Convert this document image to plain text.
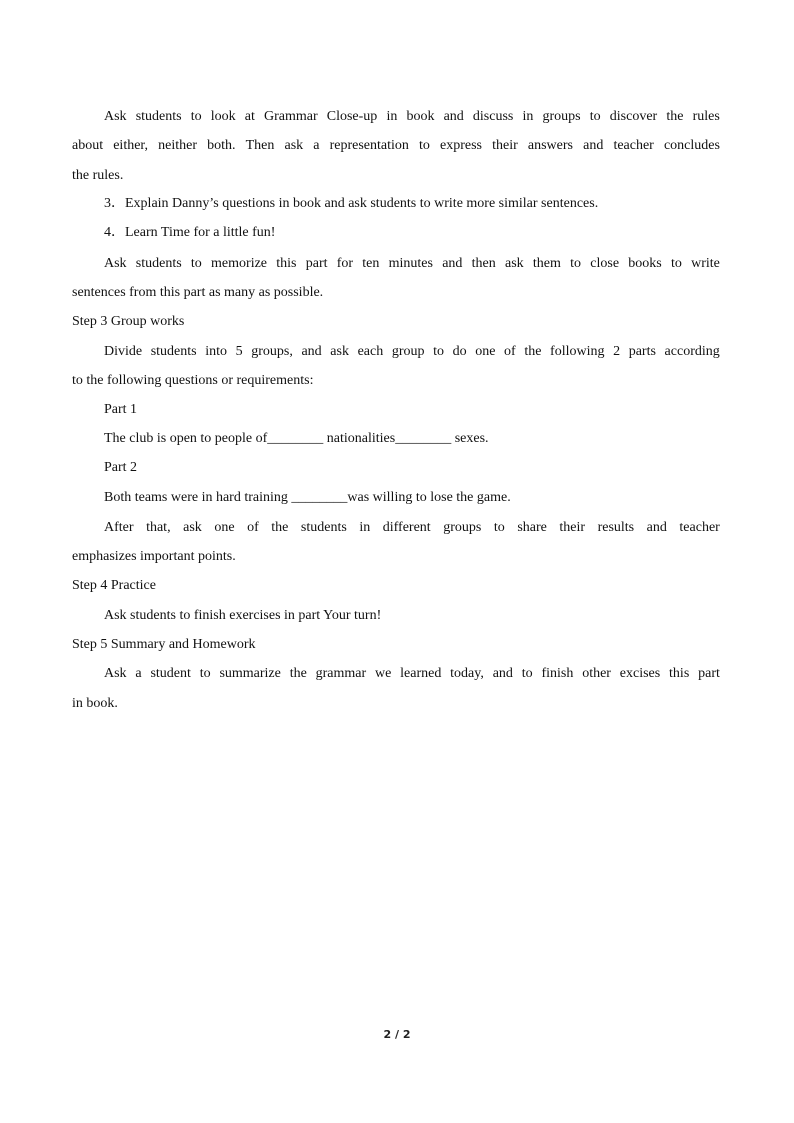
Ask students to look at Grammar Close-up in book and discuss in groups to discover the rules
about either, neither both. Then ask a representation to express their answers and teacher concludes
the rules.
3．Explain Danny’s questions in book and ask students to write more similar sentences.
4．Learn Time for a little fun!
Ask students to memorize this part for ten minutes and then ask them to close books to write
sentences from this part as many as possible.
Step 3 Group works
Divide students into 5 groups, and ask each group to do one of the following 2 parts according
to the following questions or requirements:
Part 1
The club is open to people of________ nationalities________ sexes.
Part 2
Both teams were in hard training ________was willing to lose the game.
After that, ask one of the students in different groups to share their results and teacher
emphasizes important points.
Step 4 Practice
Ask students to finish exercises in part Your turn!
Step 5 Summary and Homework
Ask a student to summarize the grammar we learned today, and to finish other excises this part
in book.
2 / 2
